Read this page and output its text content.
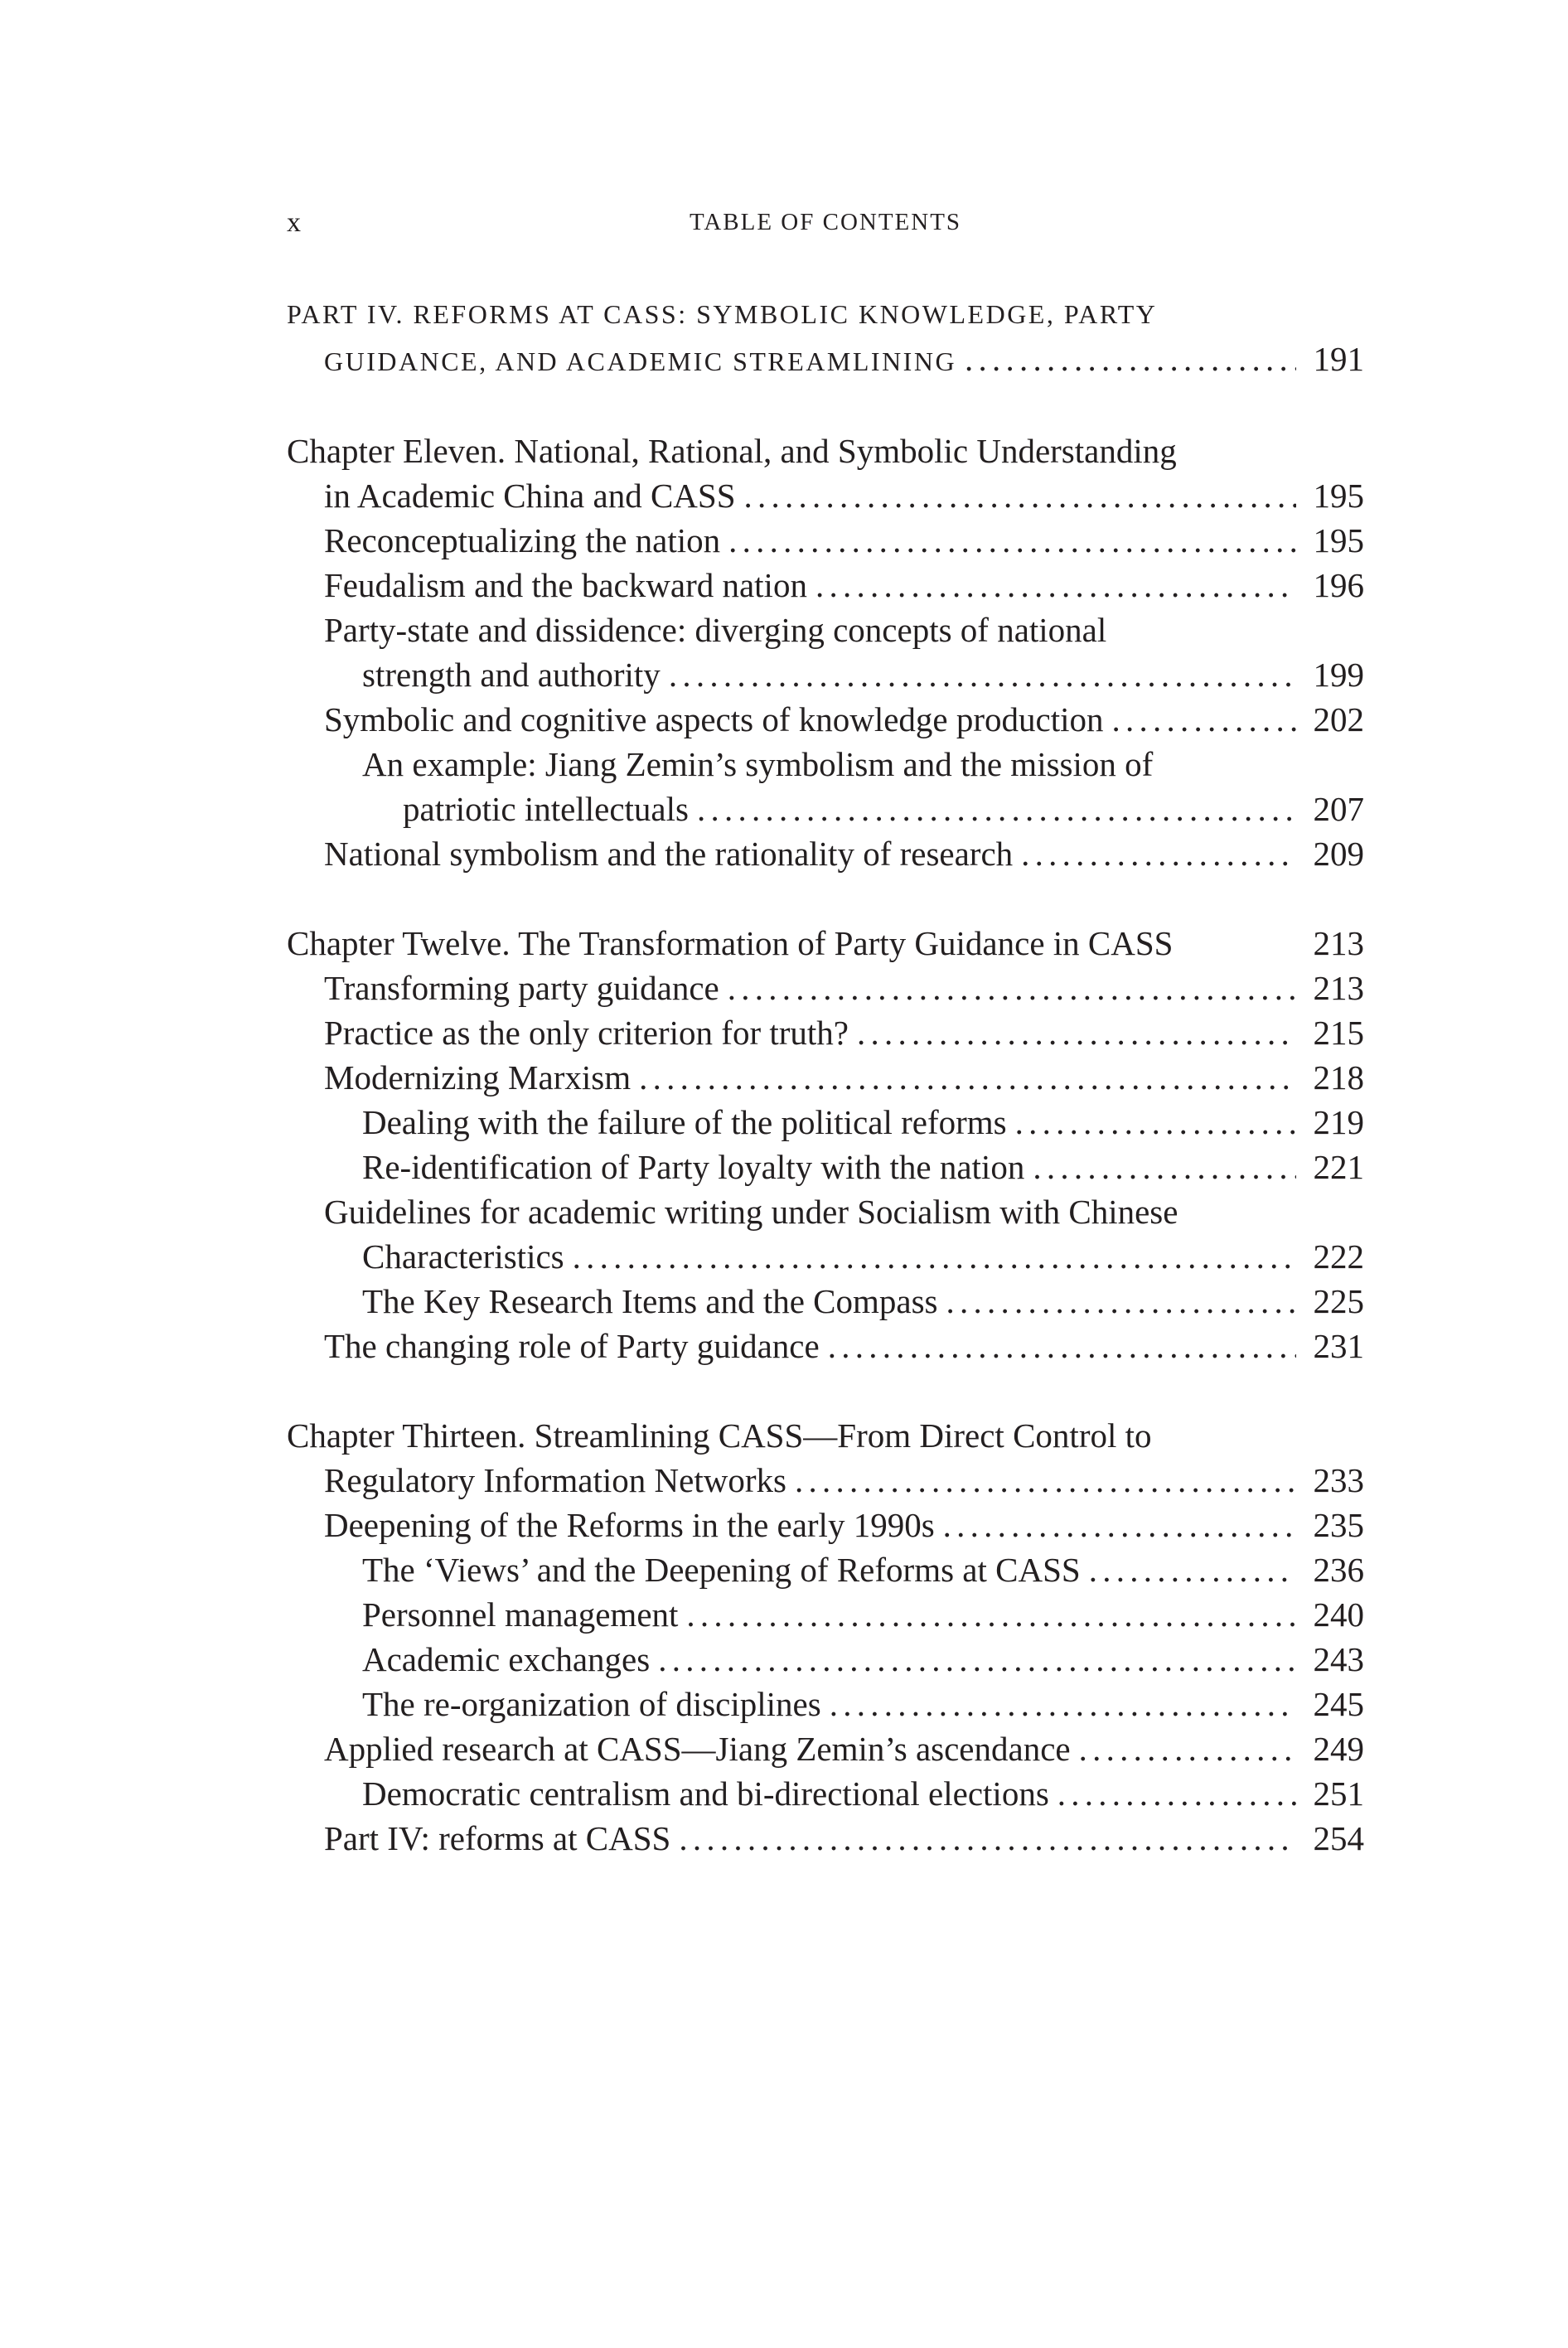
x	TABLE OF CONTENTS
PART IV. REFORMS AT CASS: SYMBOLIC KNOWLEDGE, PARTY
GUIDANCE, AND ACADEMIC STREAMLINING . . .	191
Chapter Eleven. National, Rational, and Symbolic Understanding
in Academic China and CASS . . .	195
Reconceptualizing the nation . . .	195
Feudalism and the backward nation . . .	196
Party-state and dissidence: diverging concepts of national
strength and authority . . .	199
Symbolic and cognitive aspects of knowledge production . . .	202
An example: Jiang Zemin’s symbolism and the mission of
patriotic intellectuals . . .	207
National symbolism and the rationality of research . . .	209
Chapter Twelve. The Transformation of Party Guidance in CASS	213
Transforming party guidance . . .	213
Practice as the only criterion for truth? . . .	215
Modernizing Marxism . . .	218
Dealing with the failure of the political reforms . . .	219
Re-identification of Party loyalty with the nation . . .	221
Guidelines for academic writing under Socialism with Chinese
Characteristics . . .	222
The Key Research Items and the Compass . . .	225
The changing role of Party guidance . . .	231
Chapter Thirteen. Streamlining CASS—From Direct Control to
Regulatory Information Networks . . .	233
Deepening of the Reforms in the early 1990s . . .	235
The ‘Views’ and the Deepening of Reforms at CASS . . .	236
Personnel management . . .	240
Academic exchanges . . .	243
The re-organization of disciplines . . .	245
Applied research at CASS—Jiang Zemin’s ascendance . . .	249
Democratic centralism and bi-directional elections . . .	251
Part IV: reforms at CASS . . .	254
